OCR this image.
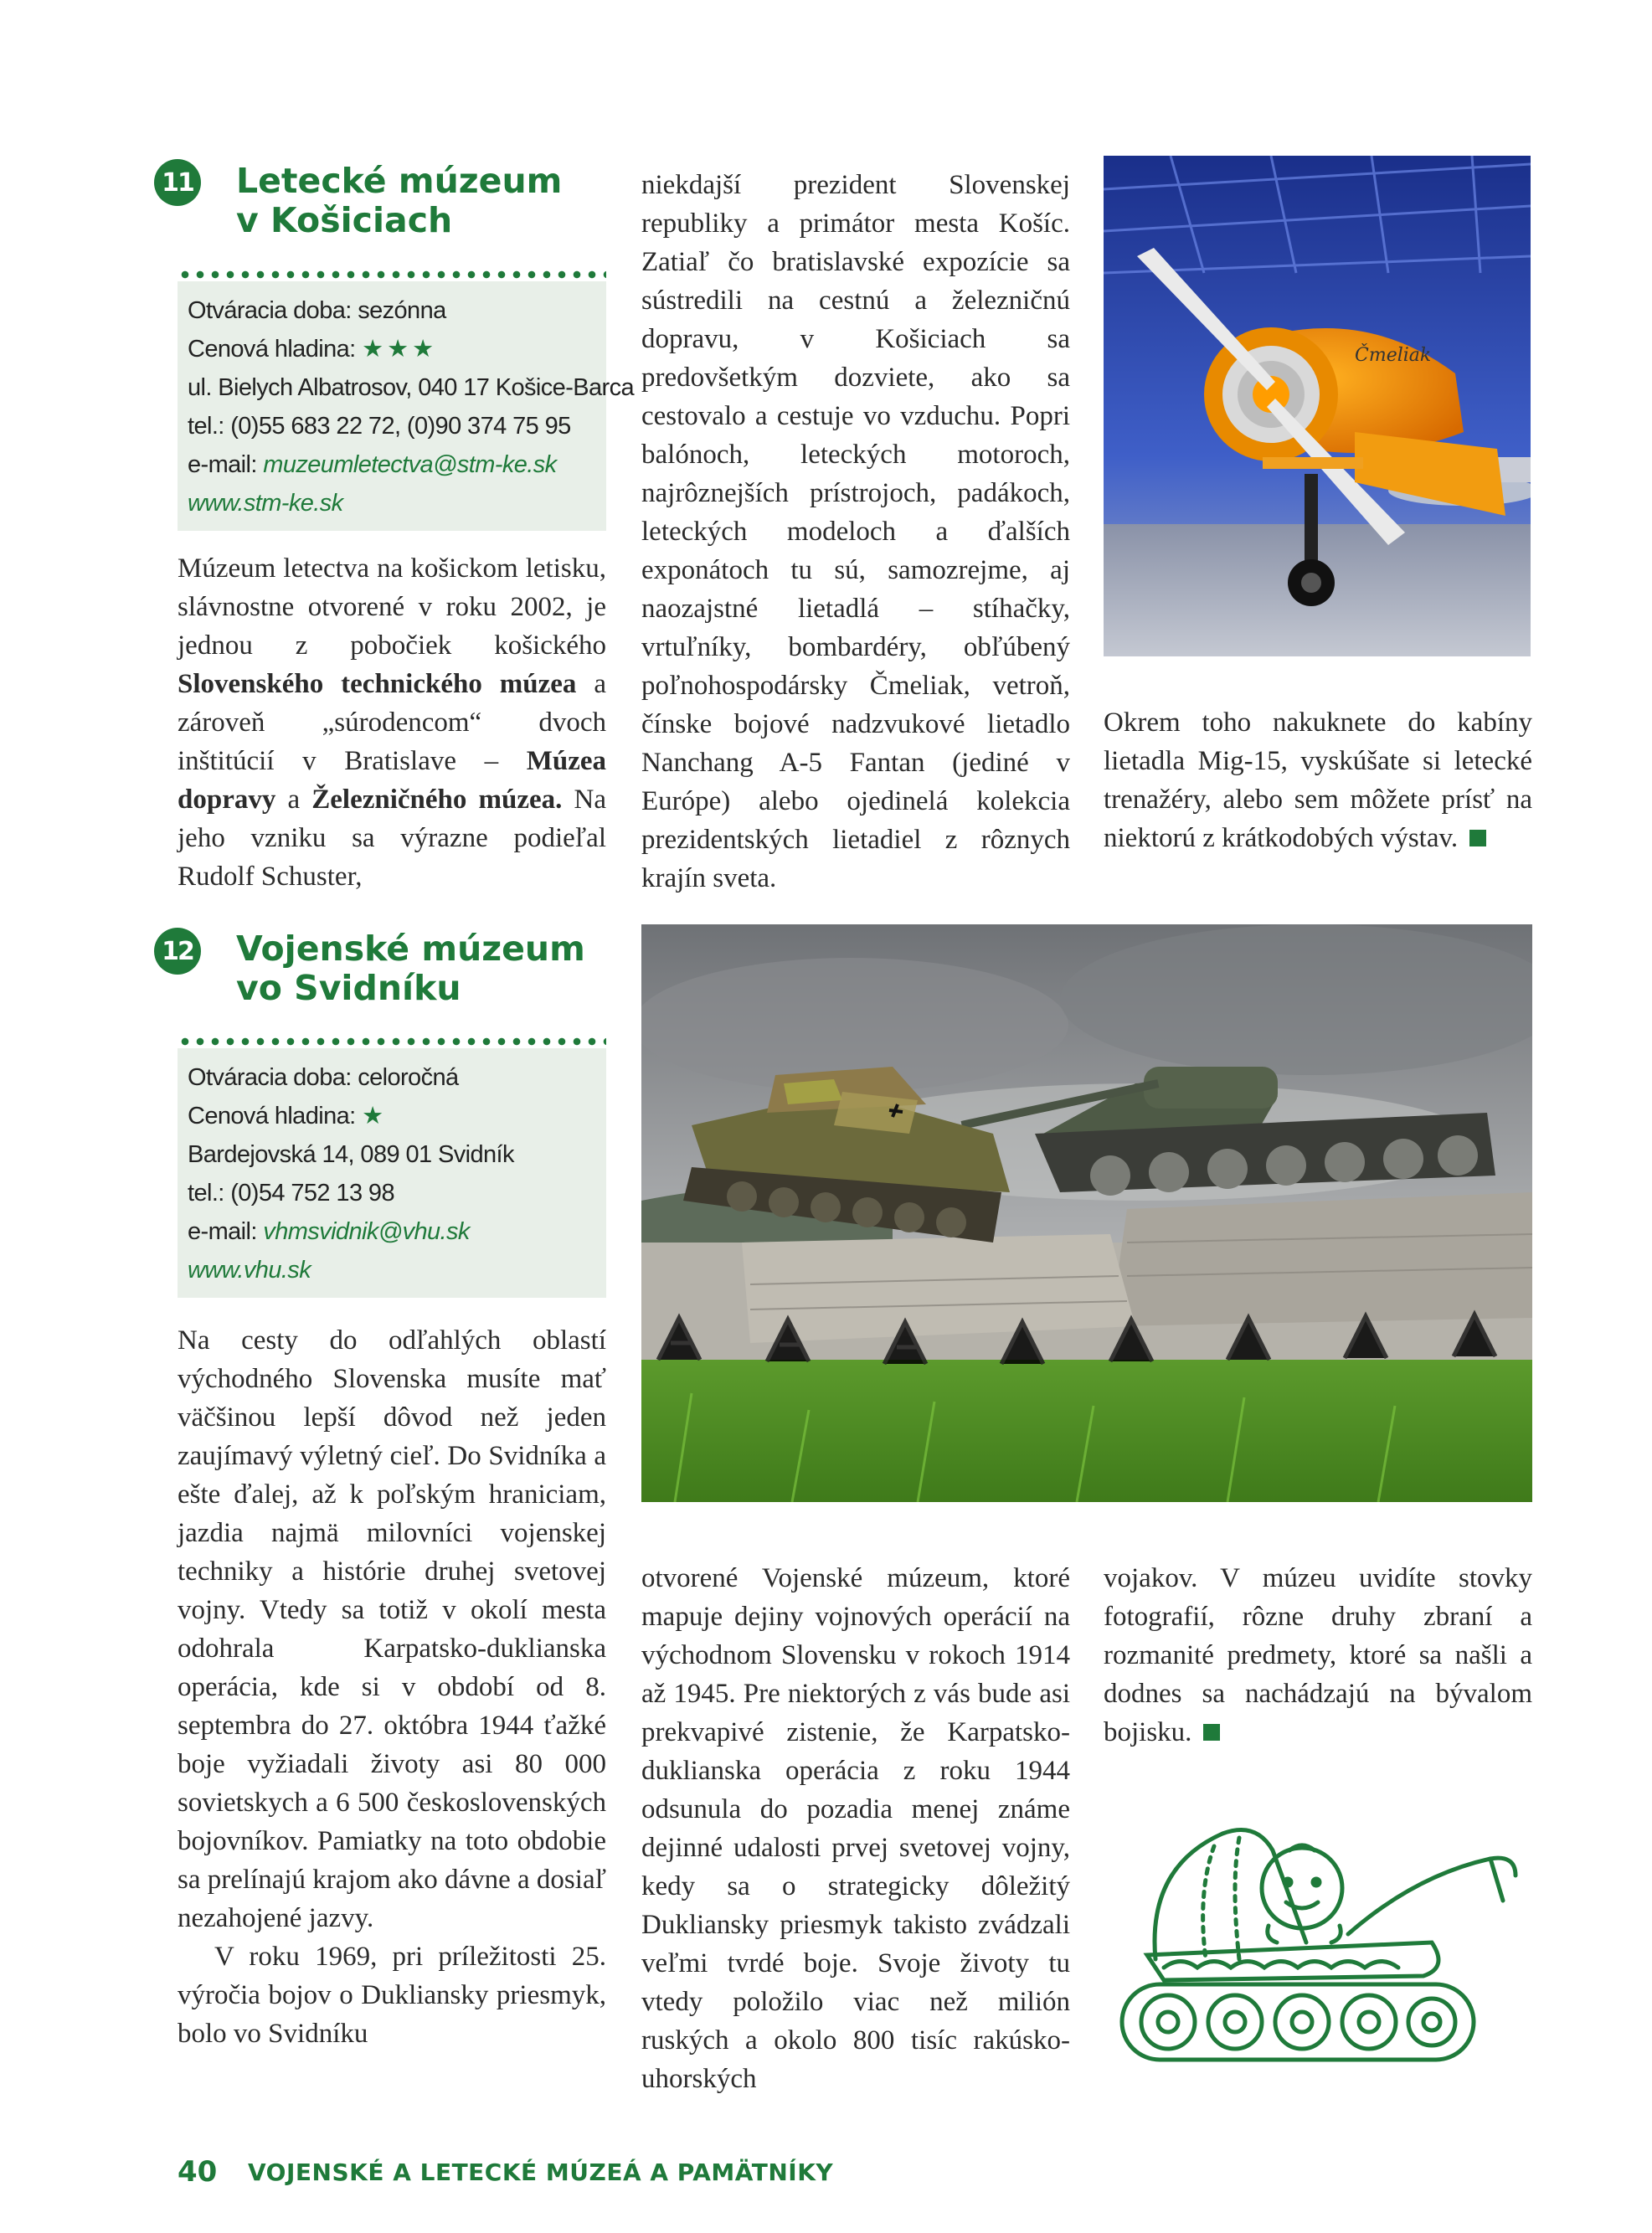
11 Letecké múzeum
v Košiciach
Otváracia doba: sezónna
Cenová hladina: ★★★
ul. Bielych Albatrosov, 040 17 Košice-Barca
tel.: (0)55 683 22 72, (0)90 374 75 95
e-mail: muzeumletectva@stm-ke.sk
www.stm-ke.sk

Múzeum letectva na košickom letisku, slávnostne otvorené v roku 2002, je jednou z pobočiek košického Slovenského technického múzea a zároveň „súrodencom“ dvoch inštitúcií v Bratislave – Múzea dopravy a Železničného múzea. Na jeho vzniku sa výrazne podieľal Rudolf Schuster,

niekdajší prezident Slovenskej republiky a primátor mesta Košíc. Zatiaľ čo bratislavské expozície sa sústredili na cestnú a železničnú dopravu, v Košiciach sa predovšetkým dozviete, ako sa cestovalo a cestuje vo vzduchu. Popri balónoch, leteckých motoroch, najrôznejších prístrojoch, padákoch, leteckých modeloch a ďalších exponátoch tu sú, samozrejme, aj naozajstné lietadlá – stíhačky, vrtuľníky, bombardéry, obľúbený poľnohospodársky Čmeliak, vetroň, čínske bojové nadzvukové lietadlo Nanchang A-5 Fantan (jediné v Európe) alebo ojedinelá kolekcia prezidentských lietadiel z rôznych krajín sveta.

Čmeliak

Okrem toho nakuknete do kabíny lietadla Mig-15, vyskúšate si letecké trenažéry, alebo sem môžete prísť na niektorú z krátkodobých výstav.

12 Vojenské múzeum
vo Svidníku
Otváracia doba: celoročná
Cenová hladina: ★
Bardejovská 14, 089 01 Svidník
tel.: (0)54 752 13 98
e-mail: vhmsvidnik@vhu.sk
www.vhu.sk

Na cesty do odľahlých oblastí východného Slovenska musíte mať väčšinou lepší dôvod než jeden zaujímavý výletný cieľ. Do Svidníka a ešte ďalej, až k poľským hraniciam, jazdia najmä milovníci vojenskej techniky a histórie druhej svetovej vojny. Vtedy sa totiž v okolí mesta odohrala Karpatsko-duklianska operácia, kde si v období od 8. septembra do 27. októbra 1944 ťažké boje vyžiadali životy asi 80 000 sovietskych a 6 500 československých bojovníkov. Pamiatky na toto obdobie sa prelínajú krajom ako dávne a dosiaľ nezahojené jazvy.

V roku 1969, pri príležitosti 25. výročia bojov o Dukliansky priesmyk, bolo vo Svidníku

otvorené Vojenské múzeum, ktoré mapuje dejiny vojnových operácií na východnom Slovensku v rokoch 1914 až 1945. Pre niektorých z vás bude asi prekvapivé zistenie, že Karpatsko-duklianska operácia z roku 1944 odsunula do pozadia menej známe dejinné udalosti prvej svetovej vojny, kedy sa o strategicky dôležitý Dukliansky priesmyk takisto zvádzali veľmi tvrdé boje. Svoje životy tu vtedy položilo viac než milión ruských a okolo 800 tisíc rakúsko-uhorských

vojakov. V múzeu uvidíte stovky fotografií, rôzne druhy zbraní a rozmanité predmety, ktoré sa našli a dodnes sa nachádzajú na bývalom bojisku.

40 VOJENSKÉ A LETECKÉ MÚZEÁ A PAMÄTNÍKY
